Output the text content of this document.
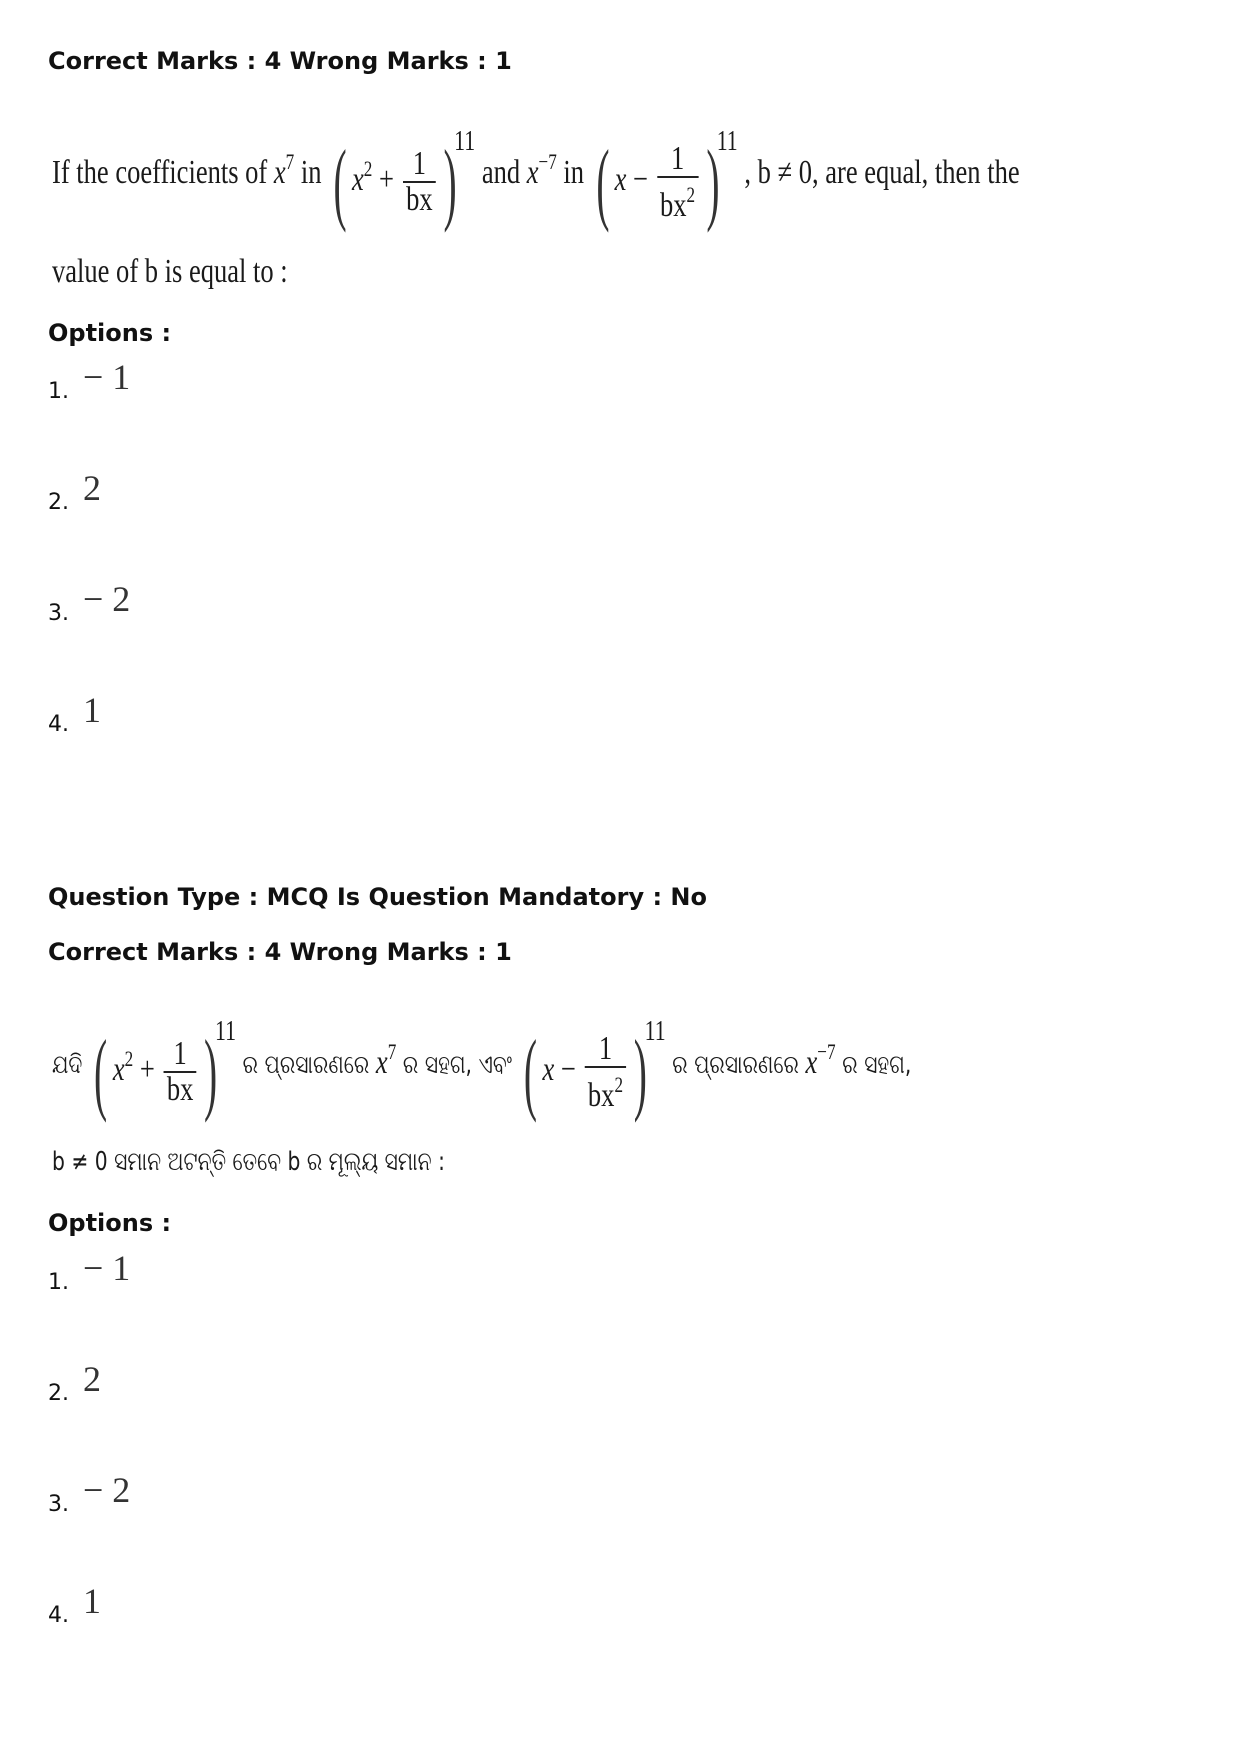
Correct Marks : 4 Wrong Marks : 1
If the coefficients of $x^7$ in ( $x^2 + \frac{1}{bx} )^{11}$ and $x^{-7}$ in ( $x - \frac{1}{bx^2} )^{11}$ , b ≠ 0, are equal, then the
value of b is equal to :
Options :
1. − 1
2. 2
3. − 2
4. 1
Question Type : MCQ Is Question Mandatory : No
Correct Marks : 4 Wrong Marks : 1
ଯଦି ( $x^2 + \frac{1}{bx} )^{11}$ ର ପ୍ରସାରଣରେ $x^7$ ର ସହଗ, ଏବଂ ( $x - \frac{1}{bx^2} )^{11}$ ର ପ୍ରସାରଣରେ $x^{-7}$ ର ସହଗ,
b ≠ 0 ସମାନ ଅଟନ୍ତି ତେବେ b ର ମୂଲ୍ୟ ସମାନ :
Options :
1. − 1
2. 2
3. − 2
4. 1
